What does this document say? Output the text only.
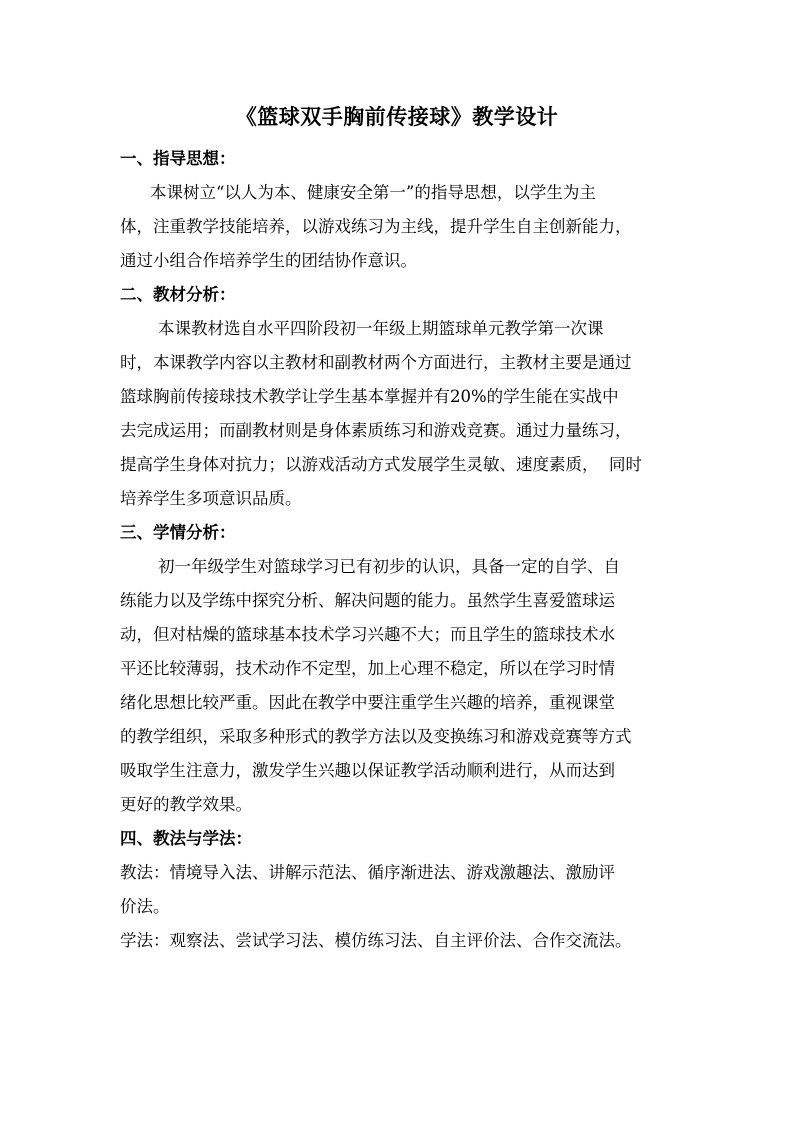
《篮球双手胸前传接球》教学设计
一、指导思想：
本课树立“以人为本、健康安全第一”的指导思想，以学生为主
体，注重教学技能培养，以游戏练习为主线，提升学生自主创新能力，
通过小组合作培养学生的团结协作意识。
二、教材分析：
本课教材选自水平四阶段初一年级上期篮球单元教学第一次课
时，本课教学内容以主教材和副教材两个方面进行，主教材主要是通过
篮球胸前传接球技术教学让学生基本掌握并有20%的学生能在实战中
去完成运用；而副教材则是身体素质练习和游戏竞赛。通过力量练习，
提高学生身体对抗力；以游戏活动方式发展学生灵敏、速度素质，  同时
培养学生多项意识品质。
三、学情分析：
初一年级学生对篮球学习已有初步的认识，具备一定的自学、自
练能力以及学练中探究分析、解决问题的能力。虽然学生喜爱篮球运
动，但对枯燥的篮球基本技术学习兴趣不大；而且学生的篮球技术水
平还比较薄弱，技术动作不定型，加上心理不稳定，所以在学习时情
绪化思想比较严重。因此在教学中要注重学生兴趣的培养，重视课堂
的教学组织，采取多种形式的教学方法以及变换练习和游戏竞赛等方式
吸取学生注意力，激发学生兴趣以保证教学活动顺利进行，从而达到
更好的教学效果。
四、教法与学法：
教法：情境导入法、讲解示范法、循序渐进法、游戏激趣法、激励评
价法。
学法：观察法、尝试学习法、模仿练习法、自主评价法、合作交流法。
